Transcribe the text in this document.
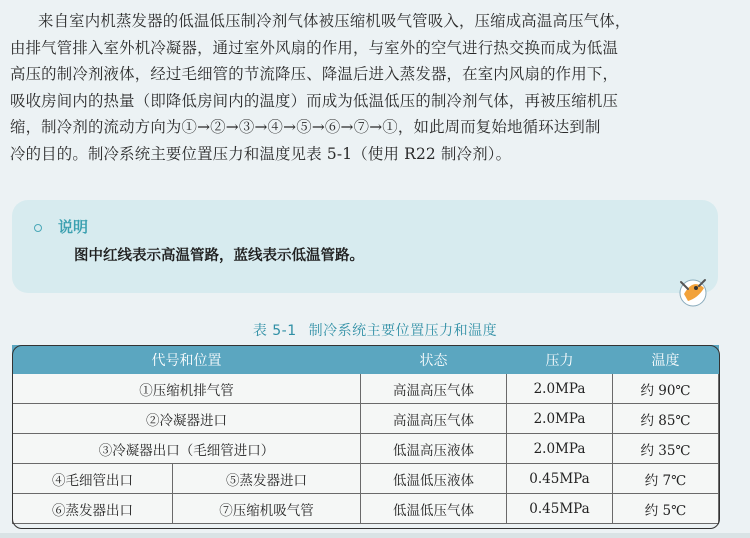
来自室内机蒸发器的低温低压制冷剂气体被压缩机吸气管吸入，压缩成高温高压气体，
由排气管排入室外机冷凝器，通过室外风扇的作用，与室外的空气进行热交换而成为低温
高压的制冷剂液体，经过毛细管的节流降压、降温后进入蒸发器，在室内风扇的作用下，
吸收房间内的热量（即降低房间内的温度）而成为低温低压的制冷剂气体，再被压缩机压
缩，制冷剂的流动方向为①→②→③→④→⑤→⑥→⑦→①，如此周而复始地循环达到制
冷的目的。制冷系统主要位置压力和温度见表 5-1（使用 R22 制冷剂）。
说明
图中红线表示高温管路，蓝线表示低温管路。
表 5-1 制冷系统主要位置压力和温度
代号和位置		状态	压力	温度
①压缩机排气管		高温高压气体	2.0MPa	约 90℃
②冷凝器进口		高温高压气体	2.0MPa	约 85℃
③冷凝器出口（毛细管进口）		低温高压液体	2.0MPa	约 35℃
④毛细管出口	⑤蒸发器进口	低温低压液体	0.45MPa	约 7℃
⑥蒸发器出口	⑦压缩机吸气管	低温低压气体	0.45MPa	约 5℃
